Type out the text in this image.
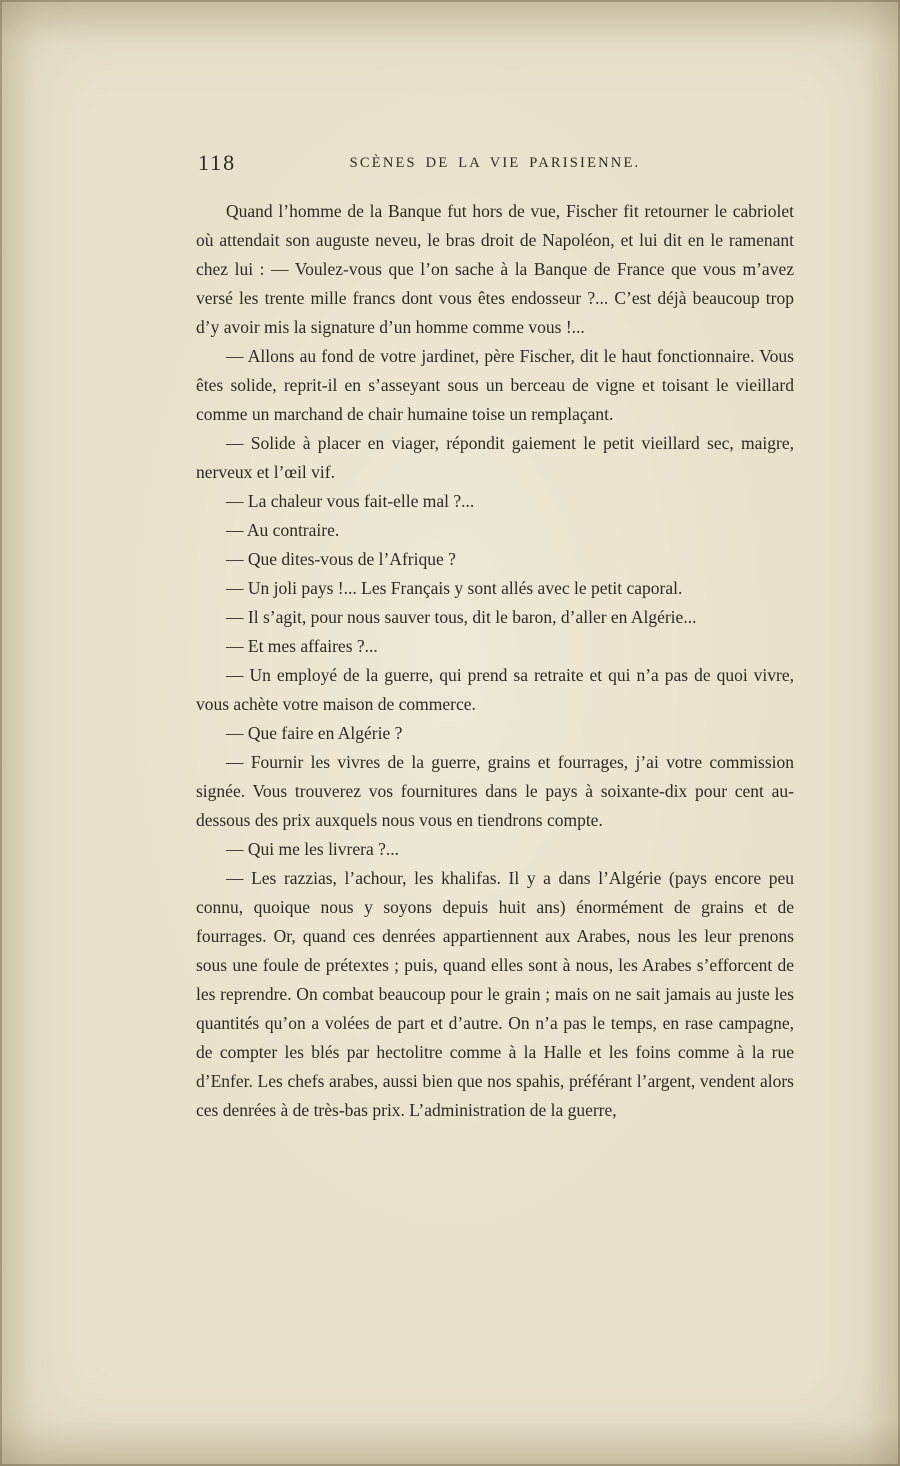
118	SCÈNES DE LA VIE PARISIENNE.

Quand l’homme de la Banque fut hors de vue, Fischer fit retourner le cabriolet où attendait son auguste neveu, le bras droit de Napoléon, et lui dit en le ramenant chez lui : — Voulez-vous que l’on sache à la Banque de France que vous m’avez versé les trente mille francs dont vous êtes endosseur ?... C’est déjà beaucoup trop d’y avoir mis la signature d’un homme comme vous !...

— Allons au fond de votre jardinet, père Fischer, dit le haut fonctionnaire. Vous êtes solide, reprit-il en s’asseyant sous un berceau de vigne et toisant le vieillard comme un marchand de chair humaine toise un remplaçant.

— Solide à placer en viager, répondit gaiement le petit vieillard sec, maigre, nerveux et l’œil vif.

— La chaleur vous fait-elle mal ?...

— Au contraire.

— Que dites-vous de l’Afrique ?

— Un joli pays !... Les Français y sont allés avec le petit caporal.

— Il s’agit, pour nous sauver tous, dit le baron, d’aller en Algérie...

— Et mes affaires ?...

— Un employé de la guerre, qui prend sa retraite et qui n’a pas de quoi vivre, vous achète votre maison de commerce.

— Que faire en Algérie ?

— Fournir les vivres de la guerre, grains et fourrages, j’ai votre commission signée. Vous trouverez vos fournitures dans le pays à soixante-dix pour cent au-dessous des prix auxquels nous vous en tiendrons compte.

— Qui me les livrera ?...

— Les razzias, l’achour, les khalifas. Il y a dans l’Algérie (pays encore peu connu, quoique nous y soyons depuis huit ans) énormément de grains et de fourrages. Or, quand ces denrées appartiennent aux Arabes, nous les leur prenons sous une foule de prétextes ; puis, quand elles sont à nous, les Arabes s’efforcent de les reprendre. On combat beaucoup pour le grain ; mais on ne sait jamais au juste les quantités qu’on a volées de part et d’autre. On n’a pas le temps, en rase campagne, de compter les blés par hectolitre comme à la Halle et les foins comme à la rue d’Enfer. Les chefs arabes, aussi bien que nos spahis, préférant l’argent, vendent alors ces denrées à de très-bas prix. L’administration de la guerre,
